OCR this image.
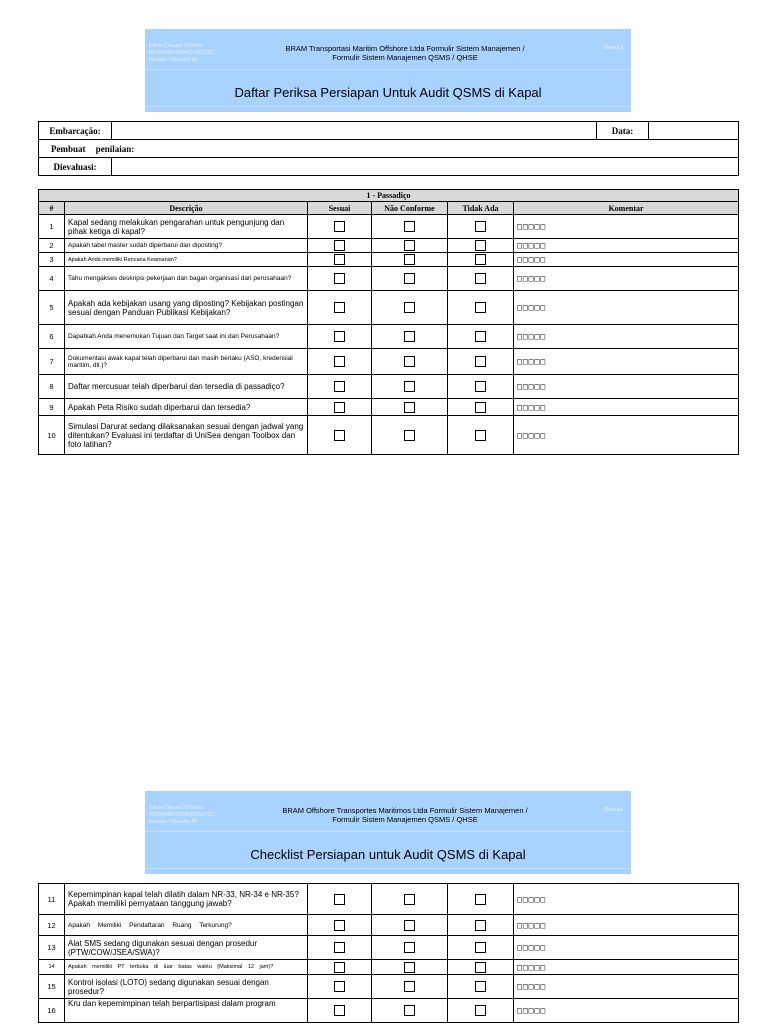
Edisin Chouest Offshore
BRAM/MSFORM/QHSE/2111
Revisão / Revision 00
BRAM Transportasi Maritim Offshore Ltda Formulir Sistem Manajemen /
Formulir Sistem Manajemen QSMS / QHSE
Disetujui
Daftar Periksa Persiapan Untuk Audit QSMS di Kapal
Embarcação:		Data:	
Pembuat penilaian:			
Dievaluasi:			
1 - Passadiço					
#	Descrição	Sesuai	Não Conforme	Tidak Ada	Komentar
1	Kapal sedang melakukan pengarahan untuk pengunjung dan pihak ketiga di kapal?				□□□□□
2	Apakah tabel master sudah diperbarui dan diposting?				□□□□□
3	Apakah Anda memiliki Rencana Keamanan?				□□□□□
4	Tahu mengakses deskripsi pekerjaan dan bagan organisasi dari perusahaan?				□□□□□
5	Apakah ada kebijakan usang yang diposting? Kebijakan postingan sesuai dengan Panduan Publikasi Kebijakan?				□□□□□
6	Dapatkah Anda menemukan Tujuan dan Target saat ini dari Perusahaan?				□□□□□
7	Dokumentasi awak kapal telah diperbarui dan masih berlaku (ASO, kredensial maritim, dll.)?				□□□□□
8	Daftar mercusuar telah diperbarui dan tersedia di passadiço?				□□□□□
9	Apakah Peta Risiko sudah diperbarui dan tersedia?				□□□□□
10	Simulasi Darurat sedang dilaksanakan sesuai dengan jadwal yang ditentukan? Evaluasi ini terdaftar di UniSea dengan Toolbox dan foto latihan?				□□□□□
Edisin Chouest Offshore
BRAM/MSFORM/QHSE/2111
Revisão / Revision 00
BRAM Offshore Transportes Maritimos Ltda Formulir Sistem Manajemen /
Formulir Sistem Manajemen QSMS / QHSE
Disetujui
Checklist Persiapan untuk Audit QSMS di Kapal
11	Kepemimpinan kapal telah dilatih dalam NR-33, NR-34 e NR-35? Apakah memiliki pernyataan tanggung jawab?				□□□□□
12	Apakah Memiliki Pendaftaran Ruang Terkurung?				□□□□□
13	Alat SMS sedang digunakan sesuai dengan prosedur (PTW/COW/JSEA/SWA)?				□□□□□
14	Apakah memiliki PT terbuka di luar batas waktu (Maksimal 12 jam)?				□□□□□
15	Kontrol isolasi (LOTO) sedang digunakan sesuai dengan prosedur?				□□□□□
16	Kru dan kepemimpinan telah berpartisipasi dalam program				□□□□□
